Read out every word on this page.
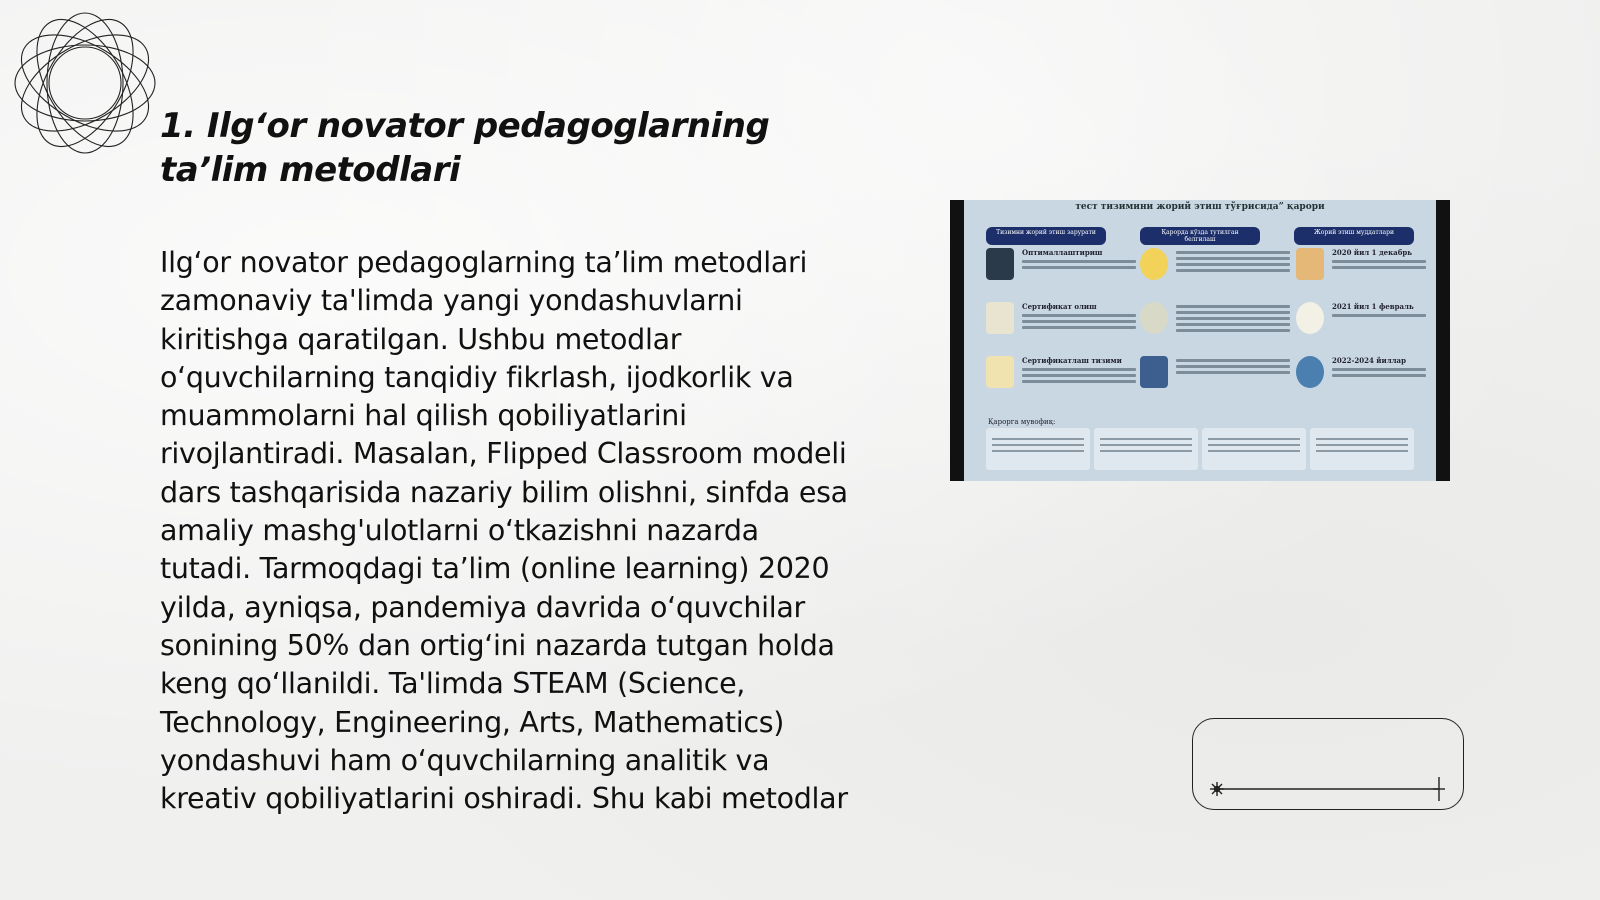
1. Ilg‘or novator pedagoglarning ta’lim metodlari

Ilg‘or novator pedagoglarning ta’lim metodlari zamonaviy ta'limda yangi yondashuvlarni kiritishga qaratilgan. Ushbu metodlar o‘quvchilarning tanqidiy fikrlash, ijodkorlik va muammolarni hal qilish qobiliyatlarini rivojlantiradi. Masalan, Flipped Classroom modeli dars tashqarisida nazariy bilim olishni, sinfda esa amaliy mashg'ulotlarni o‘tkazishni nazarda tutadi. Tarmoqdagi ta’lim (online learning) 2020 yilda, ayniqsa, pandemiya davrida o‘quvchilar sonining 50% dan ortig‘ini nazarda tutgan holda keng qo‘llanildi. Ta'limda STEAM (Science, Technology, Engineering, Arts, Mathematics) yondashuvi ham o‘quvchilarning analitik va kreativ qobiliyatlarini oshiradi. Shu kabi metodlar

тест тизимини жорий этиш тўғрисида” қарори
Тизимни жорий этиш зарурати	Қарорда кўзда тутилган белгилаш
Жорий этиш муддатлари
Оптималлаштириш
Сертификат олиш
Сертификатлаш тизими
2020 йил 1 декабрь
2021 йил 1 февраль
2022-2024 йиллар
Қарорга мувофиқ:
